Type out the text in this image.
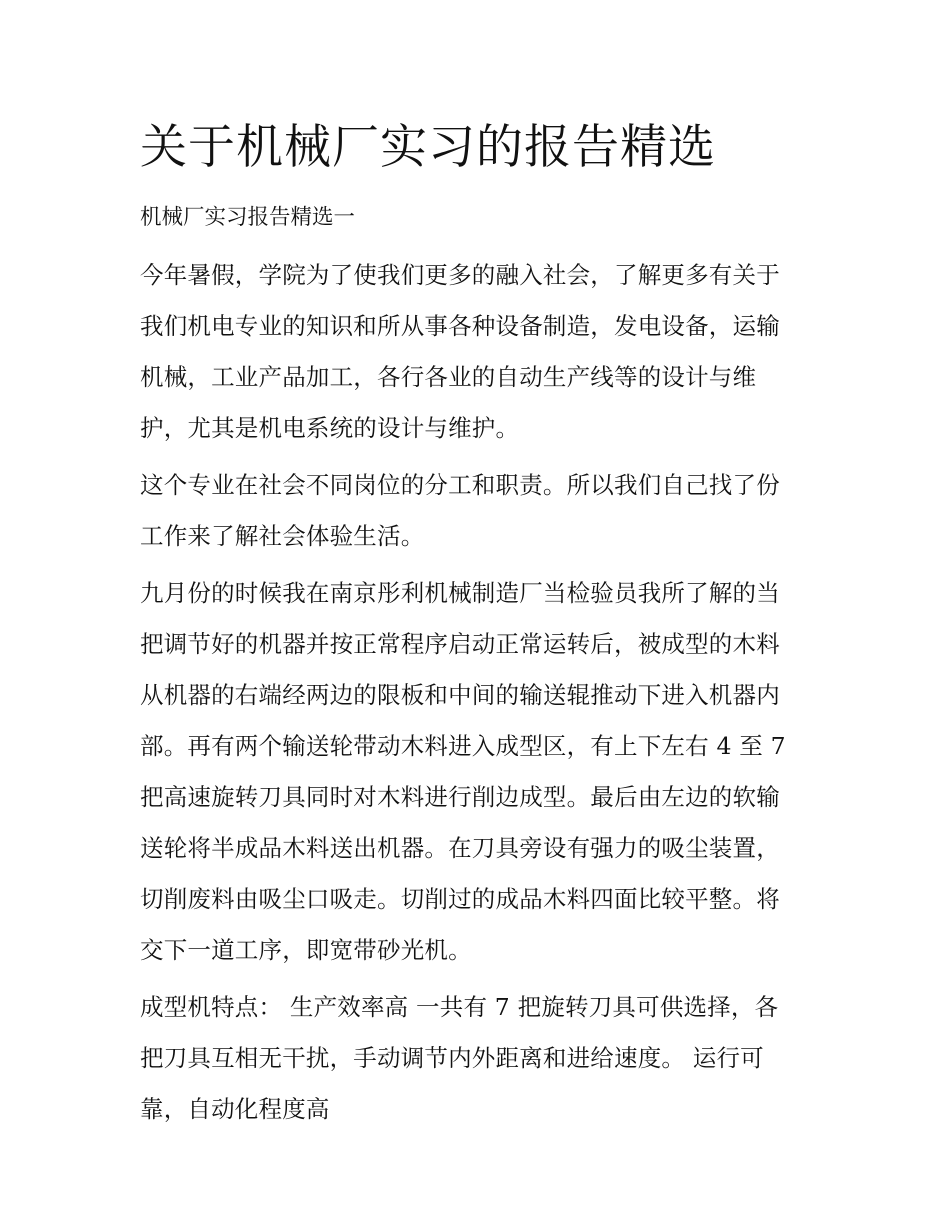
关于机械厂实习的报告精选
机械厂实习报告精选一
今年暑假，学院为了使我们更多的融入社会，了解更多有关于
我们机电专业的知识和所从事各种设备制造，发电设备，运输
机械，工业产品加工，各行各业的自动生产线等的设计与维
护，尤其是机电系统的设计与维护。
这个专业在社会不同岗位的分工和职责。所以我们自己找了份
工作来了解社会体验生活。
九月份的时候我在南京彤利机械制造厂当检验员我所了解的当
把调节好的机器并按正常程序启动正常运转后，被成型的木料
从机器的右端经两边的限板和中间的输送辊推动下进入机器内
部。再有两个输送轮带动木料进入成型区，有上下左右 4 至 7
把高速旋转刀具同时对木料进行削边成型。最后由左边的软输
送轮将半成品木料送出机器。在刀具旁设有强力的吸尘装置，
切削废料由吸尘口吸走。切削过的成品木料四面比较平整。将
交下一道工序，即宽带砂光机。
成型机特点： 生产效率高 一共有 7 把旋转刀具可供选择，各
把刀具互相无干扰，手动调节内外距离和进给速度。 运行可
靠，自动化程度高
